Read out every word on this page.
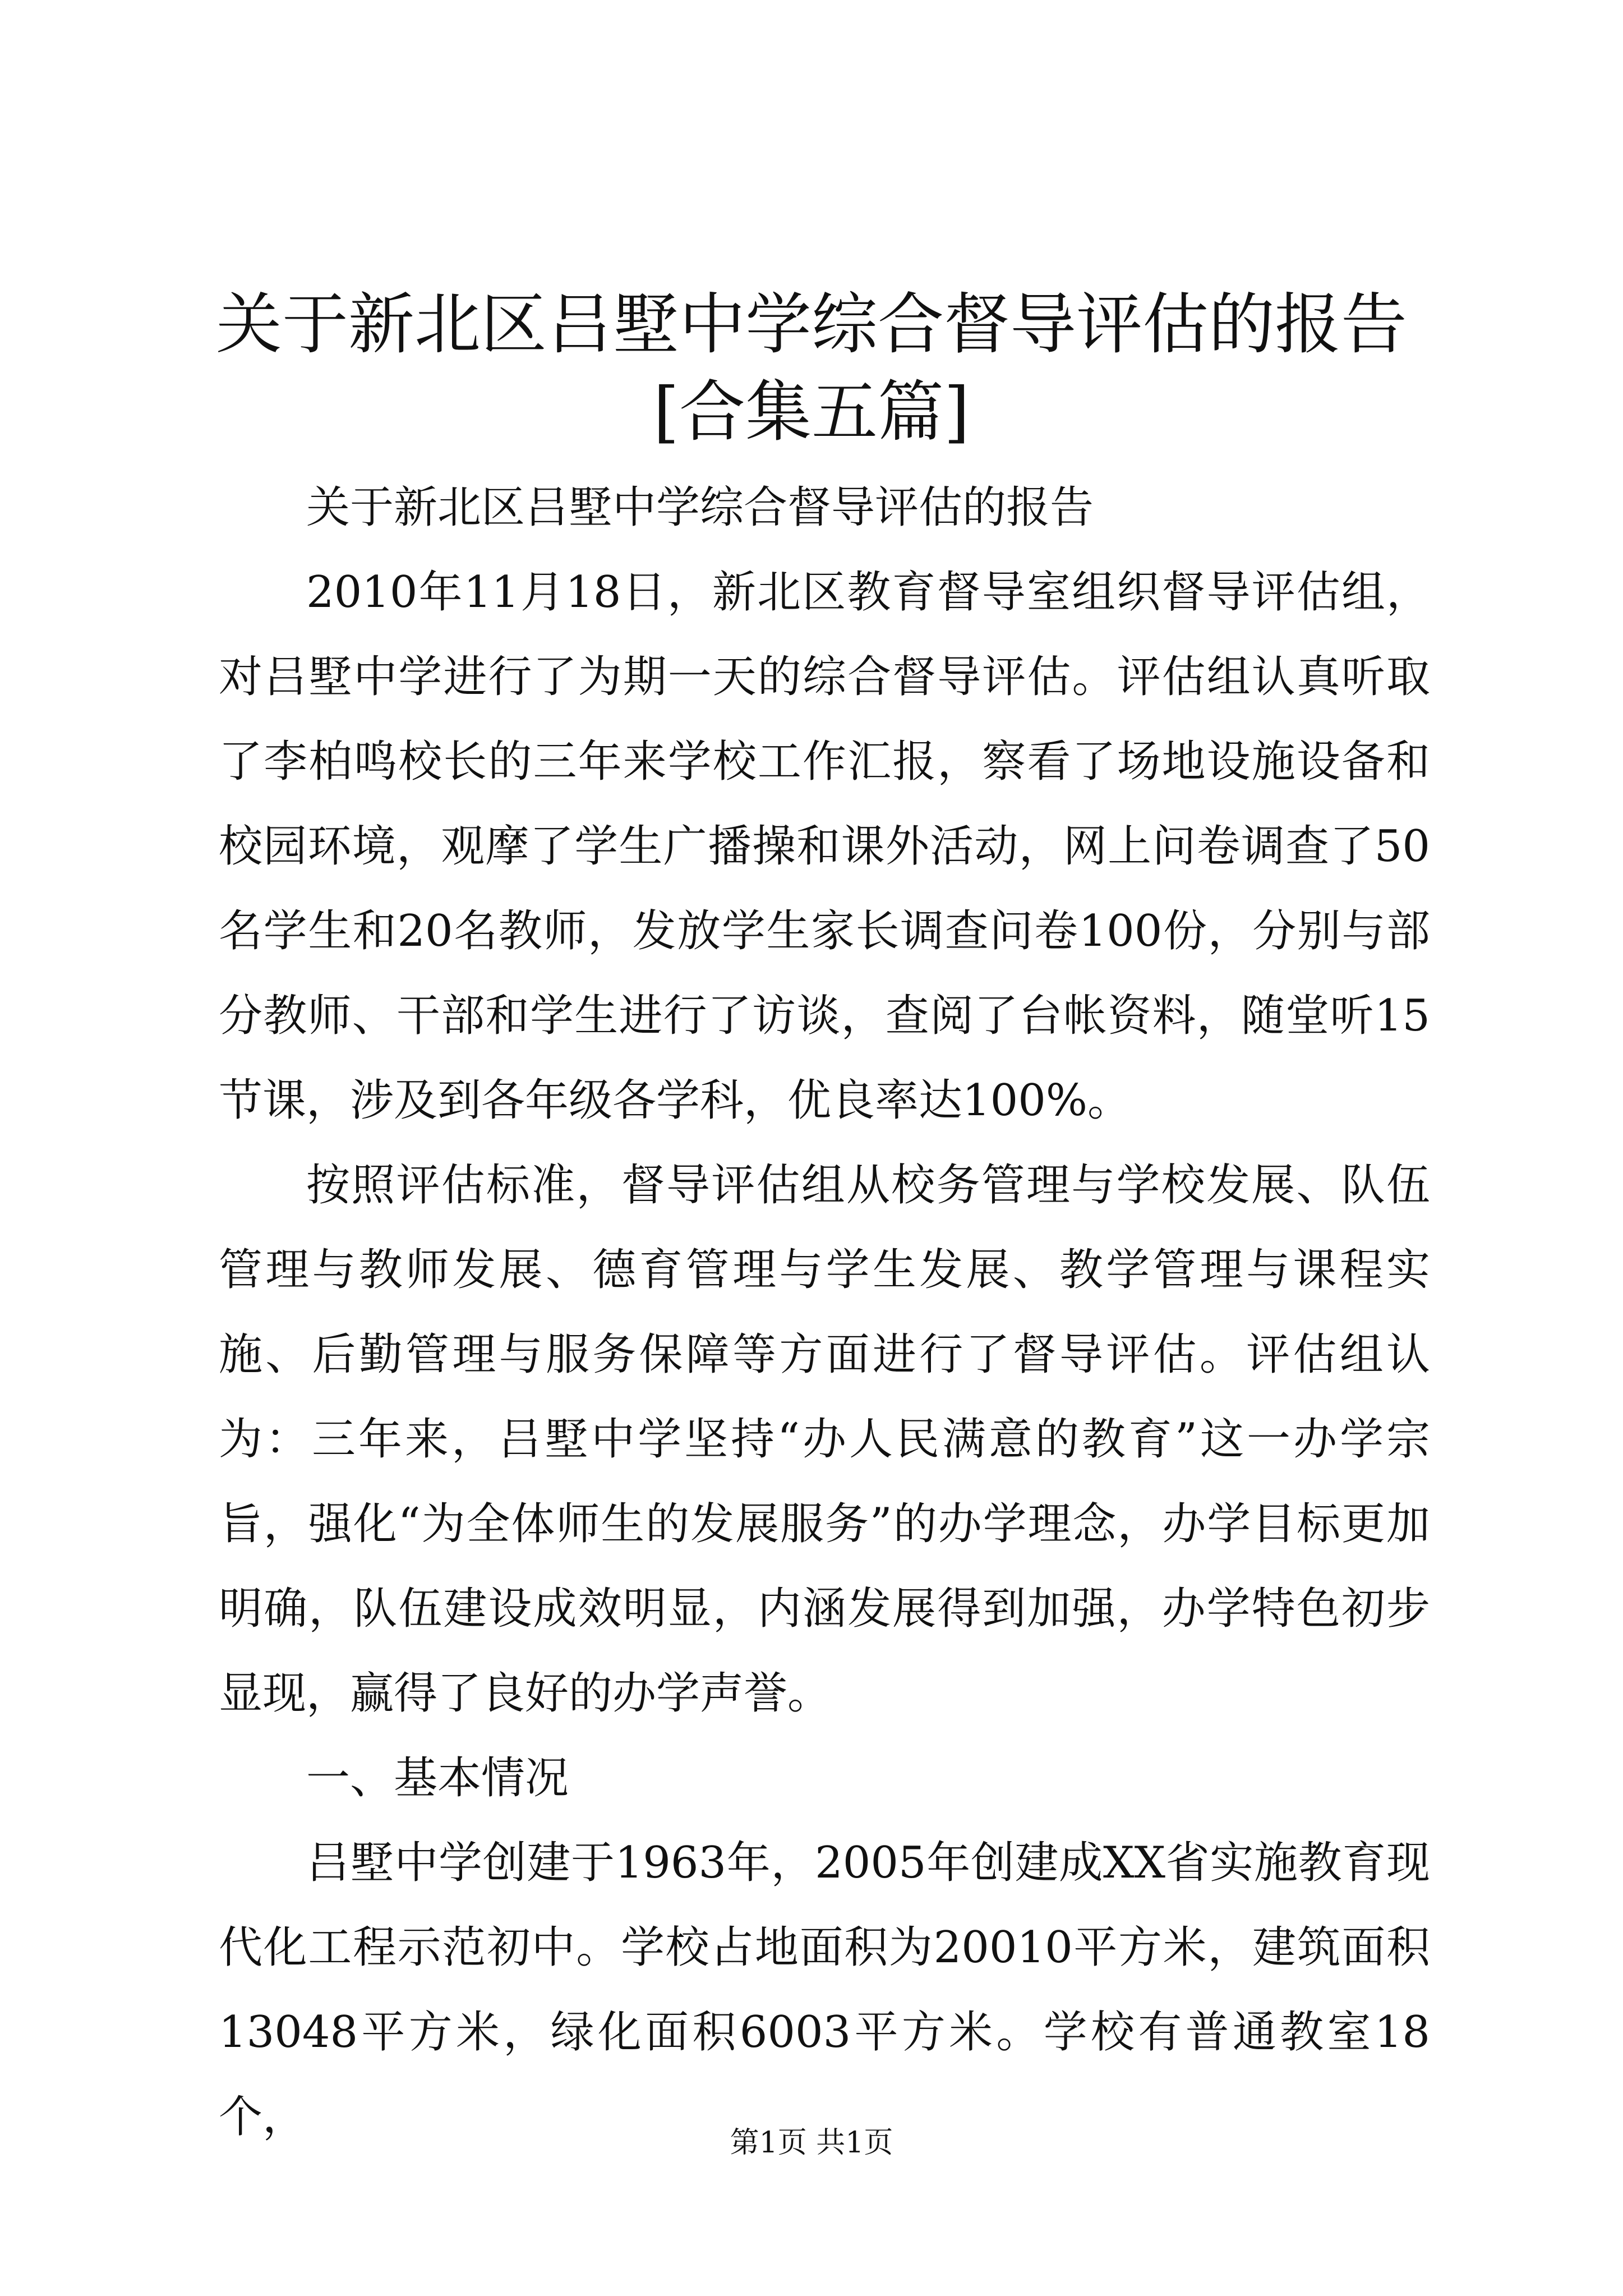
关于新北区吕墅中学综合督导评估的报告[合集五篇]

关于新北区吕墅中学综合督导评估的报告

2010年11月18日，新北区教育督导室组织督导评估组，对吕墅中学进行了为期一天的综合督导评估。评估组认真听取了李柏鸣校长的三年来学校工作汇报，察看了场地设施设备和校园环境，观摩了学生广播操和课外活动，网上问卷调查了50名学生和20名教师，发放学生家长调查问卷100份，分别与部分教师、干部和学生进行了访谈，查阅了台帐资料，随堂听15节课，涉及到各年级各学科，优良率达100%。

按照评估标准，督导评估组从校务管理与学校发展、队伍管理与教师发展、德育管理与学生发展、教学管理与课程实施、后勤管理与服务保障等方面进行了督导评估。评估组认为：三年来，吕墅中学坚持“办人民满意的教育”这一办学宗旨，强化“为全体师生的发展服务”的办学理念，办学目标更加明确，队伍建设成效明显，内涵发展得到加强，办学特色初步显现，赢得了良好的办学声誉。

一、基本情况

吕墅中学创建于1963年，2005年创建成XX省实施教育现代化工程示范初中。学校占地面积为20010平方米，建筑面积13048平方米，绿化面积6003平方米。学校有普通教室18个，

第1页 共1页
